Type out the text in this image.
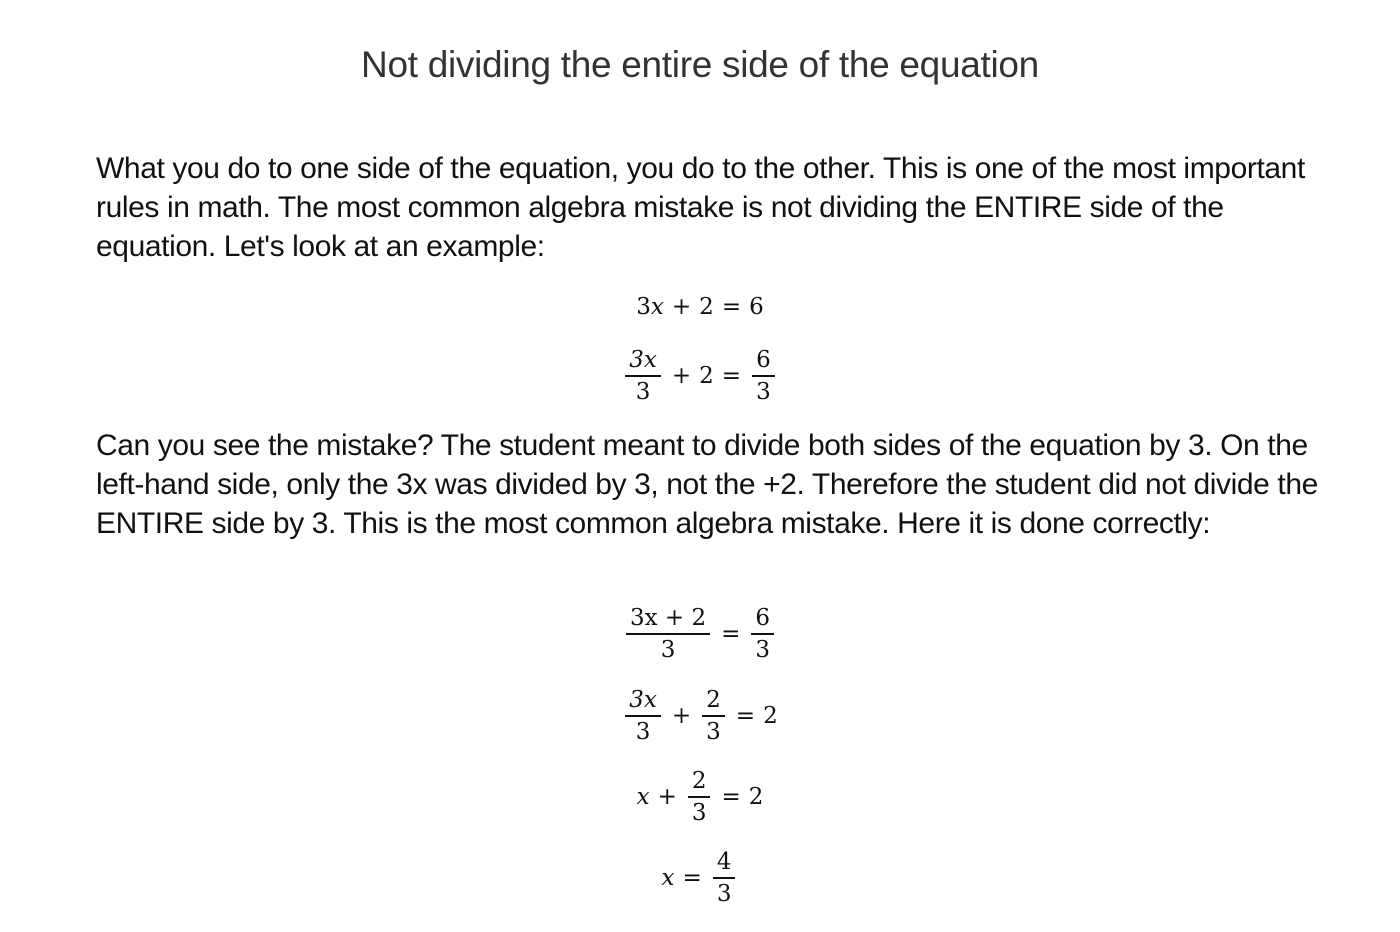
Not dividing the entire side of the equation

What you do to one side of the equation, you do to the other. This is one of the most important rules in math. The most common algebra mistake is not dividing the ENTIRE side of the equation. Let's look at an example:

3 x + 2 = 6
$\frac{3x}{3} + 2 = \frac{6}{3}$

Can you see the mistake? The student meant to divide both sides of the equation by 3. On the left-hand side, only the 3x was divided by 3, not the +2. Therefore the student did not divide the ENTIRE side by 3. This is the most common algebra mistake. Here it is done correctly:

$\frac{3x + 2}{3} = \frac{6}{3}$
$\frac{3x}{3} + \frac{2}{3} = 2$
$x + \frac{2}{3} = 2$
$x = \frac{4}{3}$
